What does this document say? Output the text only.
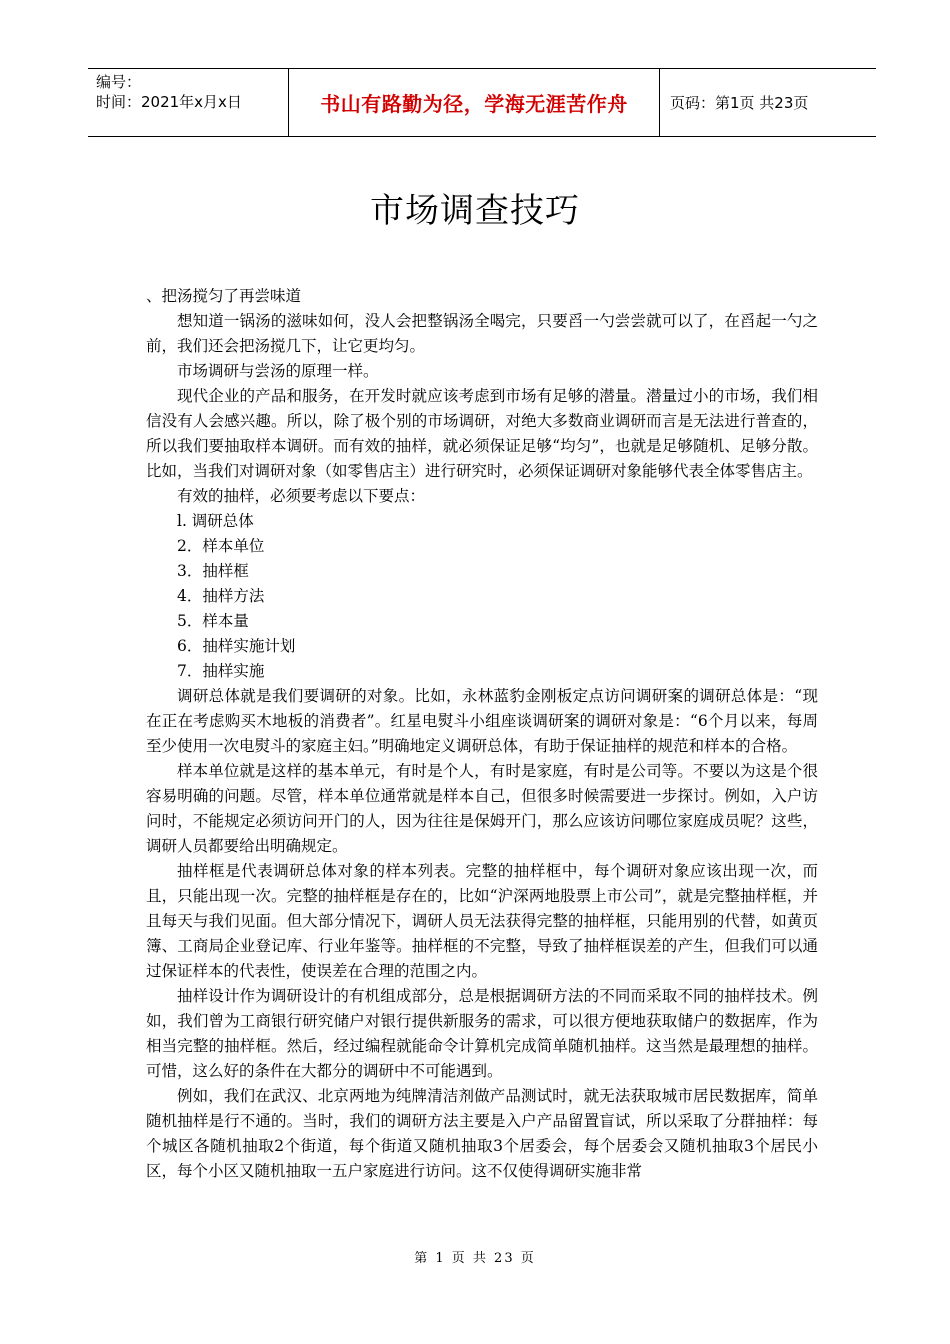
编号：
时间：2021年x月x日	书山有路勤为径，学海无涯苦作舟	页码：第1页 共23页
市场调查技巧

、把汤搅匀了再尝味道

想知道一锅汤的滋味如何，没人会把整锅汤全喝完，只要舀一勺尝尝就可以了，在舀起一勺之前，我们还会把汤搅几下，让它更均匀。

市场调研与尝汤的原理一样。

现代企业的产品和服务，在开发时就应该考虑到市场有足够的潜量。潜量过小的市场，我们相信没有人会感兴趣。所以，除了极个别的市场调研，对绝大多数商业调研而言是无法进行普查的，所以我们要抽取样本调研。而有效的抽样，就必须保证足够“均匀”，也就是足够随机、足够分散。比如，当我们对调研对象（如零售店主）进行研究时，必须保证调研对象能够代表全体零售店主。

有效的抽样，必须要考虑以下要点：

l. 调研总体

2．样本单位

3．抽样框

4．抽样方法

5．样本量

6．抽样实施计划

7．抽样实施

调研总体就是我们要调研的对象。比如，永林蓝豹金刚板定点访问调研案的调研总体是：“现在正在考虑购买木地板的消费者”。红星电熨斗小组座谈调研案的调研对象是：“6个月以来，每周至少使用一次电熨斗的家庭主妇。”明确地定义调研总体，有助于保证抽样的规范和样本的合格。

样本单位就是这样的基本单元，有时是个人，有时是家庭，有时是公司等。不要以为这是个很容易明确的问题。尽管，样本单位通常就是样本自己，但很多时候需要进一步探讨。例如，入户访问时，不能规定必须访问开门的人，因为往往是保姆开门，那么应该访问哪位家庭成员呢？这些，调研人员都要给出明确规定。

抽样框是代表调研总体对象的样本列表。完整的抽样框中，每个调研对象应该出现一次，而且，只能出现一次。完整的抽样框是存在的，比如“沪深两地股票上市公司”，就是完整抽样框，并且每天与我们见面。但大部分情况下，调研人员无法获得完整的抽样框，只能用别的代替，如黄页簿、工商局企业登记库、行业年鉴等。抽样框的不完整，导致了抽样框误差的产生，但我们可以通过保证样本的代表性，使误差在合理的范围之内。

抽样设计作为调研设计的有机组成部分，总是根据调研方法的不同而采取不同的抽样技术。例如，我们曾为工商银行研究储户对银行提供新服务的需求，可以很方便地获取储户的数据库，作为相当完整的抽样框。然后，经过编程就能命令计算机完成简单随机抽样。这当然是最理想的抽样。可惜，这么好的条件在大都分的调研中不可能遇到。

例如，我们在武汉、北京两地为纯牌清洁剂做产品测试时，就无法获取城市居民数据库，简单随机抽样是行不通的。当时，我们的调研方法主要是入户产品留置盲试，所以采取了分群抽样：每个城区各随机抽取2个街道，每个街道又随机抽取3个居委会，每个居委会又随机抽取3个居民小区，每个小区又随机抽取一五户家庭进行访问。这不仅使得调研实施非常

第 1 页 共 23 页
